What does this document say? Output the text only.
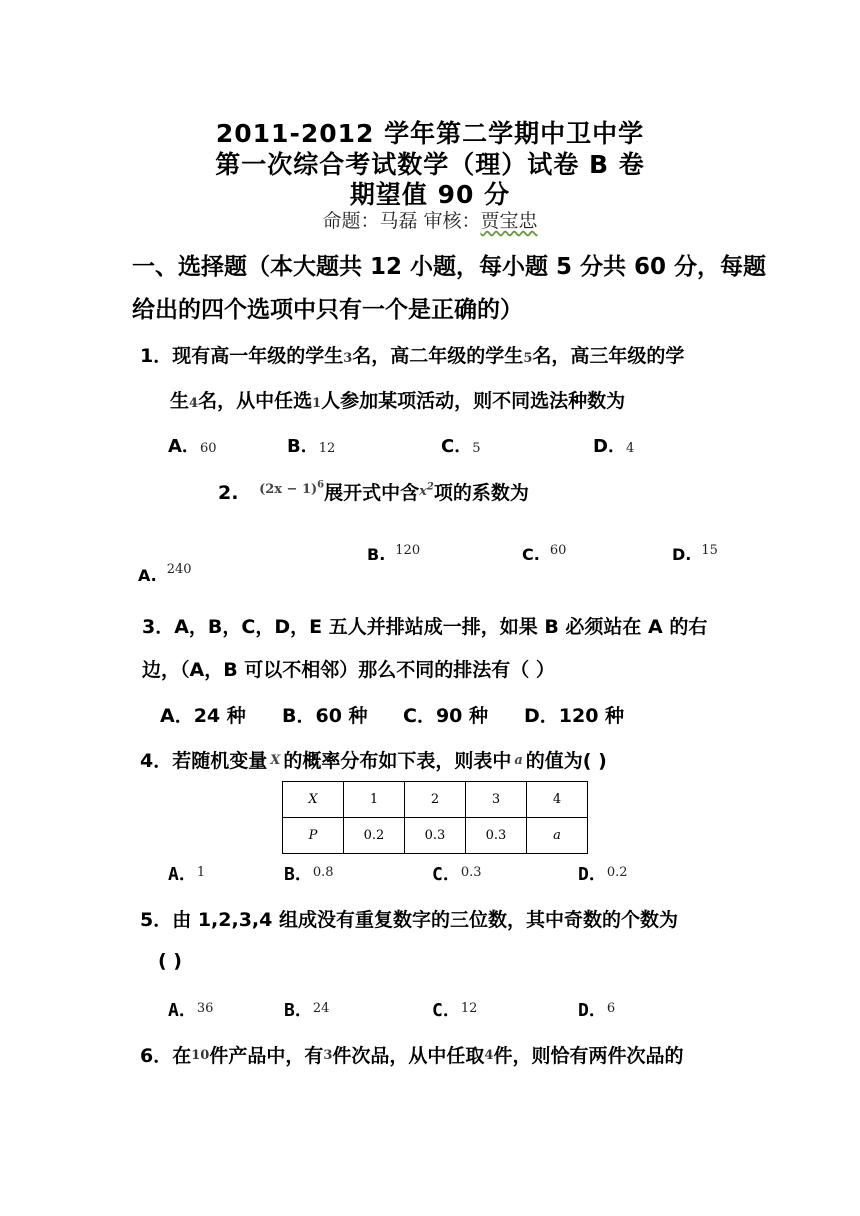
2011-2012 学年第二学期中卫中学
第一次综合考试数学（理）试卷 B 卷
期望值 90 分
命题：马磊 审核：贾宝忠
一、选择题（本大题共 12 小题，每小题 5 分共 60 分，每题
给出的四个选项中只有一个是正确的）
1．现有高一年级的学生3名，高二年级的学生5名，高三年级的学
生4名，从中任选1人参加某项活动，则不同选法种数为
A．60	B．12	C．5	D．4
2. $^{(2x - 1)^6}$展开式中含$^{x^2}$项的系数为
A. $^{240}$
B. $^{120}$	C. $^{60}$	D. $^{15}$
3．A，B，C，D，E 五人并排站成一排，如果 B 必须站在 A 的右
边，（A，B 可以不相邻）那么不同的排法有（ ）
A．24 种 B．60 种 C．90 种 D．120 种
4．若随机变量 X 的概率分布如下表，则表中 a 的值为( )
X	1	2	3	4
P	0.2	0.3	0.3	a
A．$^1$	B．$^{0.8}$	C．$^{0.3}$	D．$^{0.2}$
5．由 1,2,3,4 组成没有重复数字的三位数，其中奇数的个数为
( )
A．$^{36}$	B．$^{24}$	C．$^{12}$	D．$^6$
6．在10件产品中，有3件次品，从中任取4件，则恰有两件次品的
